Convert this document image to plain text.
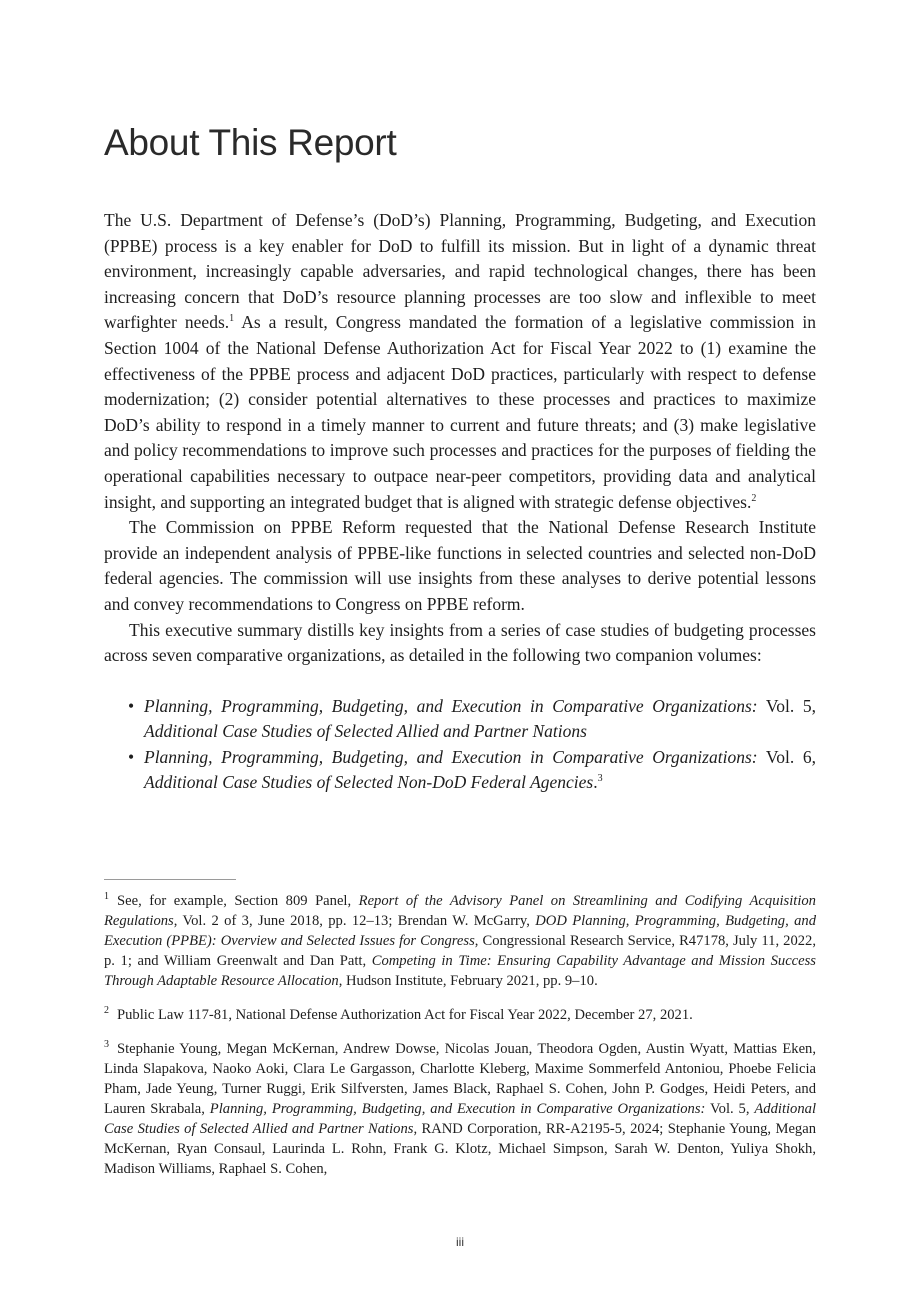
About This Report

The U.S. Department of Defense’s (DoD’s) Planning, Programming, Budgeting, and Execution (PPBE) process is a key enabler for DoD to fulfill its mission. But in light of a dynamic threat environment, increasingly capable adversaries, and rapid technological changes, there has been increasing concern that DoD’s resource planning processes are too slow and inflexible to meet warfighter needs.$^1$ As a result, Congress mandated the formation of a legislative commission in Section 1004 of the National Defense Authorization Act for Fiscal Year 2022 to (1) examine the effectiveness of the PPBE process and adjacent DoD practices, particularly with respect to defense modernization; (2) consider potential alternatives to these processes and practices to maximize DoD’s ability to respond in a timely manner to current and future threats; and (3) make legislative and policy recommendations to improve such processes and practices for the purposes of fielding the operational capabilities necessary to outpace near-peer competitors, providing data and analytical insight, and supporting an integrated budget that is aligned with strategic defense objectives.$^2$

The Commission on PPBE Reform requested that the National Defense Research Institute provide an independent analysis of PPBE-like functions in selected countries and selected non-DoD federal agencies. The commission will use insights from these analyses to derive potential lessons and convey recommendations to Congress on PPBE reform.

This executive summary distills key insights from a series of case studies of budgeting processes across seven comparative organizations, as detailed in the following two companion volumes:

• Planning, Programming, Budgeting, and Execution in Comparative Organizations: Vol. 5, Additional Case Studies of Selected Allied and Partner Nations
• Planning, Programming, Budgeting, and Execution in Comparative Organizations: Vol. 6, Additional Case Studies of Selected Non-DoD Federal Agencies.$^3$

$^1$ See, for example, Section 809 Panel, Report of the Advisory Panel on Streamlining and Codifying Acquisition Regulations, Vol. 2 of 3, June 2018, pp. 12–13; Brendan W. McGarry, DOD Planning, Programming, Budgeting, and Execution (PPBE): Overview and Selected Issues for Congress, Congressional Research Service, R47178, July 11, 2022, p. 1; and William Greenwalt and Dan Patt, Competing in Time: Ensuring Capability Advantage and Mission Success Through Adaptable Resource Allocation, Hudson Institute, February 2021, pp. 9–10.

$^2$ Public Law 117-81, National Defense Authorization Act for Fiscal Year 2022, December 27, 2021.

$^3$ Stephanie Young, Megan McKernan, Andrew Dowse, Nicolas Jouan, Theodora Ogden, Austin Wyatt, Mattias Eken, Linda Slapakova, Naoko Aoki, Clara Le Gargasson, Charlotte Kleberg, Maxime Sommerfeld Antoniou, Phoebe Felicia Pham, Jade Yeung, Turner Ruggi, Erik Silfversten, James Black, Raphael S. Cohen, John P. Godges, Heidi Peters, and Lauren Skrabala, Planning, Programming, Budgeting, and Execution in Comparative Organizations: Vol. 5, Additional Case Studies of Selected Allied and Partner Nations, RAND Corporation, RR-A2195-5, 2024; Stephanie Young, Megan McKernan, Ryan Consaul, Laurinda L. Rohn, Frank G. Klotz, Michael Simpson, Sarah W. Denton, Yuliya Shokh, Madison Williams, Raphael S. Cohen,

iii
